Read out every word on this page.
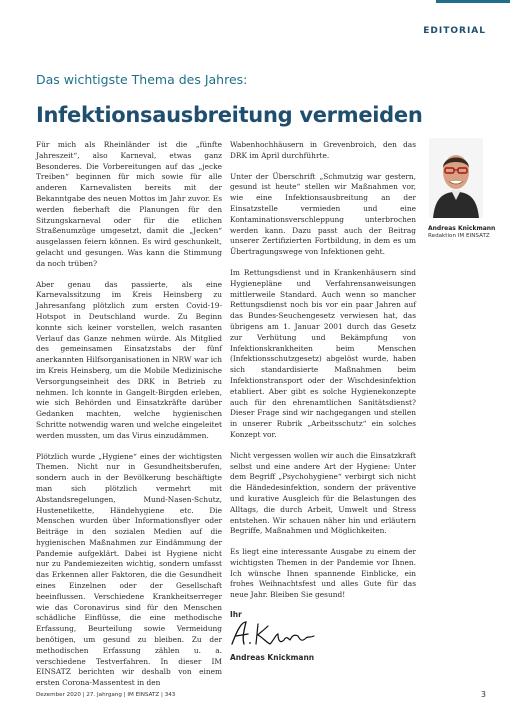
EDITORIAL
Das wichtigste Thema des Jahres:
Infektionsausbreitung vermeiden

Für mich als Rheinländer ist die „fünfte Jahreszeit“, also Karneval, etwas ganz Besonderes. Die Vorbereitungen auf das „jecke Treiben“ beginnen für mich sowie für alle anderen Karnevalisten bereits mit der Bekanntgabe des neuen Mottos im Jahr zuvor. Es werden fieberhaft die Planungen für den Sitzungskarneval oder für die etlichen Straßenumzüge umgesetzt, damit die „Jecken“ ausgelassen feiern können. Es wird geschunkelt, gelacht und gesungen. Was kann die Stimmung da noch trüben?

Aber genau das passierte, als eine Karnevalssitzung im Kreis Heinsberg zu Jahresanfang plötzlich zum ersten Covid-19-Hotspot in Deutschland wurde. Zu Beginn konnte sich keiner vorstellen, welch rasanten Verlauf das Ganze nehmen würde. Als Mitglied des gemeinsamen Einsatzstabs der fünf anerkannten Hilfsorganisationen in NRW war ich im Kreis Heinsberg, um die Mobile Medizinische Versorgungseinheit des DRK in Betrieb zu nehmen. Ich konnte in Gangelt-Birgden erleben, wie sich Behörden und Einsatzkräfte darüber Gedanken machten, welche hygienischen Schritte notwendig waren und welche eingeleitet werden mussten, um das Virus einzudämmen.

Plötzlich wurde „Hygiene“ eines der wichtigsten Themen. Nicht nur in Gesundheitsberufen, sondern auch in der Bevölkerung beschäftigte man sich plötzlich vermehrt mit Abstandsregelungen, Mund-Nasen-Schutz, Hustenetikette, Händehygiene etc. Die Menschen wurden über Informationsflyer oder Beiträge in den sozialen Medien auf die hygienischen Maßnahmen zur Eindämmung der Pandemie aufgeklärt. Dabei ist Hygiene nicht nur zu Pandemiezeiten wichtig, sondern umfasst das Erkennen aller Faktoren, die die Gesundheit eines Einzelnen oder der Gesellschaft beeinflussen. Verschiedene Krankheitserreger wie das Coronavirus sind für den Menschen schädliche Einflüsse, die eine methodische Erfassung, Beurteilung sowie Vermeidung benötigen, um gesund zu bleiben. Zu der methodischen Erfassung zählen u. a. verschiedene Testverfahren. In dieser IM EINSATZ berichten wir deshalb von einem ersten Corona-Massentest in den

Wabenhochhäusern in Grevenbroich, den das DRK im April durchführte.

Unter der Überschrift „Schmutzig war gestern, gesund ist heute“ stellen wir Maßnahmen vor, wie eine Infektionsausbreitung an der Einsatzstelle vermieden und eine Kontaminationsverschleppung unterbrochen werden kann. Dazu passt auch der Beitrag unserer Zertifizierten Fortbildung, in dem es um Übertragungswege von Infektionen geht.

Im Rettungsdienst und in Krankenhäusern sind Hygienepläne und Verfahrensanweisungen mittlerweile Standard. Auch wenn so mancher Rettungsdienst noch bis vor ein paar Jahren auf das Bundes-Seuchengesetz verwiesen hat, das übrigens am 1. Januar 2001 durch das Gesetz zur Verhütung und Bekämpfung von Infektionskrankheiten beim Menschen (Infektionsschutzgesetz) abgelöst wurde, haben sich standardisierte Maßnahmen beim Infektionstransport oder der Wischdesinfektion etabliert. Aber gibt es solche Hygienekonzepte auch für den ehrenamtlichen Sanitätsdienst? Dieser Frage sind wir nachgegangen und stellen in unserer Rubrik „Arbeitsschutz“ ein solches Konzept vor.

Nicht vergessen wollen wir auch die Einsatzkraft selbst und eine andere Art der Hygiene: Unter dem Begriff „Psychohygiene“ verbirgt sich nicht die Händedesinfektion, sondern der präventive und kurative Ausgleich für die Belastungen des Alltags, die durch Arbeit, Umwelt und Stress entstehen. Wir schauen näher hin und erläutern Begriffe, Maßnahmen und Möglichkeiten.

Es liegt eine interessante Ausgabe zu einem der wichtigsten Themen in der Pandemie vor Ihnen. Ich wünsche Ihnen spannende Einblicke, ein frohes Weihnachtsfest und alles Gute für das neue Jahr. Bleiben Sie gesund!

Andreas Knickmann
Redaktion IM EINSATZ
Ihr
Andreas Knickmann
Dezember 2020 | 27. Jahrgang | IM EINSATZ | 343	3
